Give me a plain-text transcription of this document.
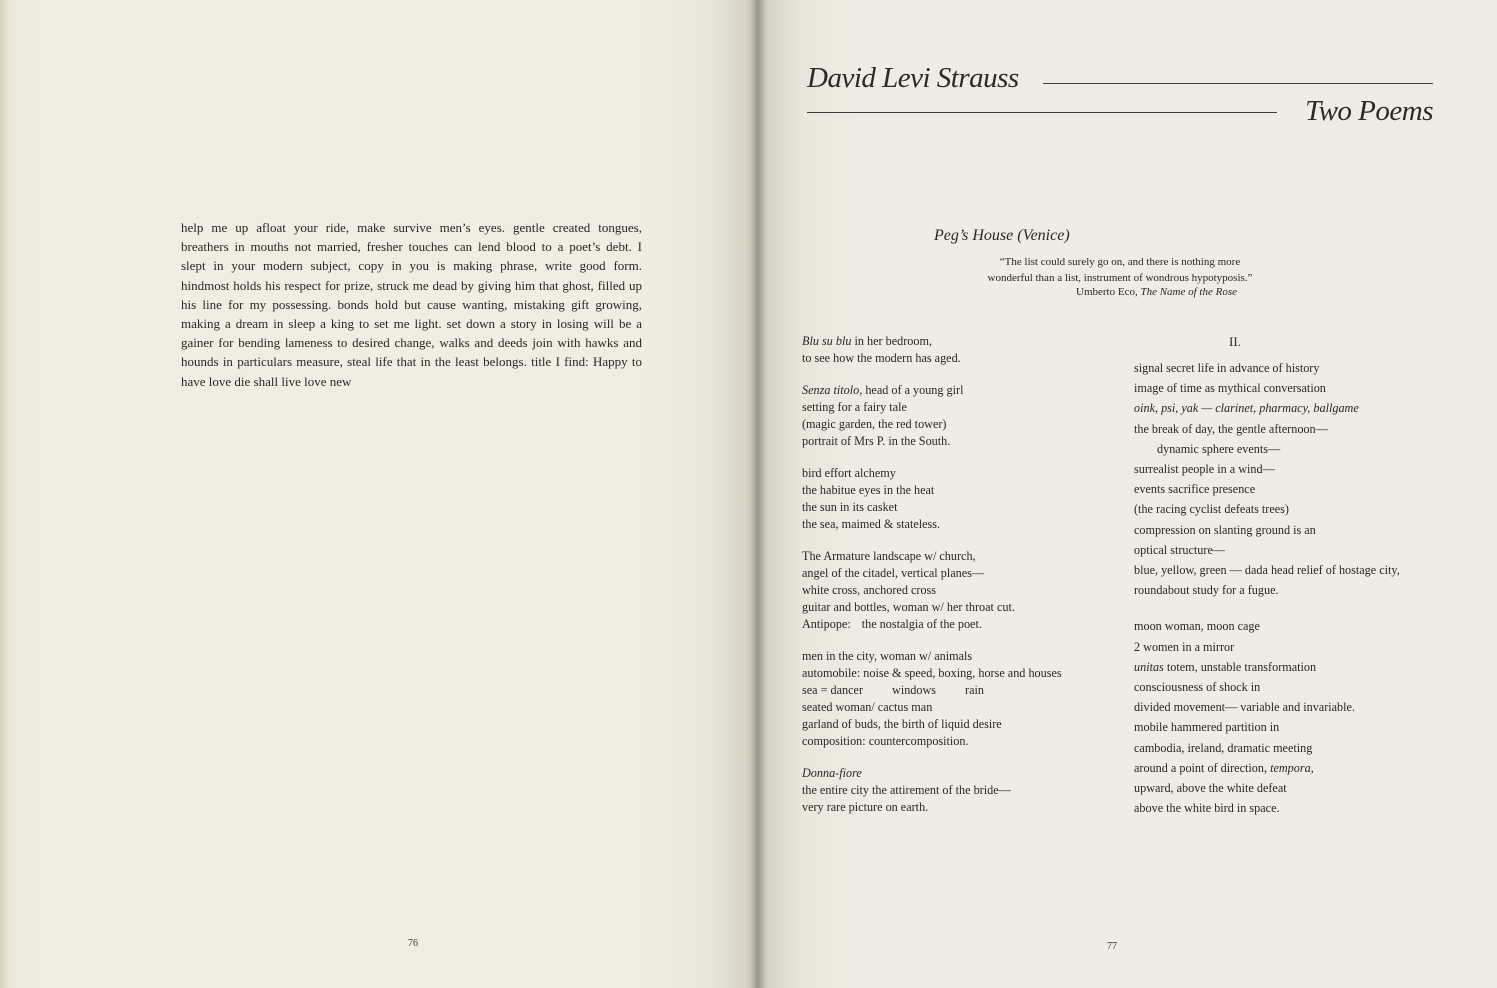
help me up afloat your ride, make survive men’s eyes. gentle created tongues,
breathers in mouths not married, fresher touches can lend blood to a poet’s debt. I
slept in your modern subject, copy in you is making phrase, write good form.
hindmost holds his respect for prize, struck me dead by giving him that ghost, filled up
his line for my possessing. bonds hold but cause wanting, mistaking gift growing,
making a dream in sleep a king to set me light. set down a story in losing will be a
gainer for bending lameness to desired change, walks and deeds join with hawks and
hounds in particulars measure, steal life that in the least belongs. title I find: Happy to
have love die shall live love new
76
David Levi Strauss
Two Poems
Peg’s House (Venice)
“The list could surely go on, and there is nothing more
wonderful than a list, instrument of wondrous hypotyposis.”
Umberto Eco, The Name of the Rose
II.
Blu su blu in her bedroom,
to see how the modern has aged.
Senza titolo, head of a young girl
setting for a fairy tale
(magic garden, the red tower)
portrait of Mrs P. in the South.
bird effort alchemy
the habitue eyes in the heat
the sun in its casket
the sea, maimed & stateless.
The Armature landscape w/ church,
angel of the citadel, vertical planes—
white cross, anchored cross
guitar and bottles, woman w/ her throat cut.
Antipope: the nostalgia of the poet.
men in the city, woman w/ animals
automobile: noise & speed, boxing, horse and houses
sea = dancer windows rain
seated woman/ cactus man
garland of buds, the birth of liquid desire
composition: countercomposition.
Donna-fiore
the entire city the attirement of the bride—
very rare picture on earth.
signal secret life in advance of history
image of time as mythical conversation
oink, psi, yak — clarinet, pharmacy, ballgame
the break of day, the gentle afternoon—
dynamic sphere events—
surrealist people in a wind—
events sacrifice presence
(the racing cyclist defeats trees)
compression on slanting ground is an
optical structure—
blue, yellow, green — dada head relief of hostage city,
roundabout study for a fugue.
moon woman, moon cage
2 women in a mirror
unitas totem, unstable transformation
consciousness of shock in
divided movement— variable and invariable.
mobile hammered partition in
cambodia, ireland, dramatic meeting
around a point of direction, tempora,
upward, above the white defeat
above the white bird in space.
77
